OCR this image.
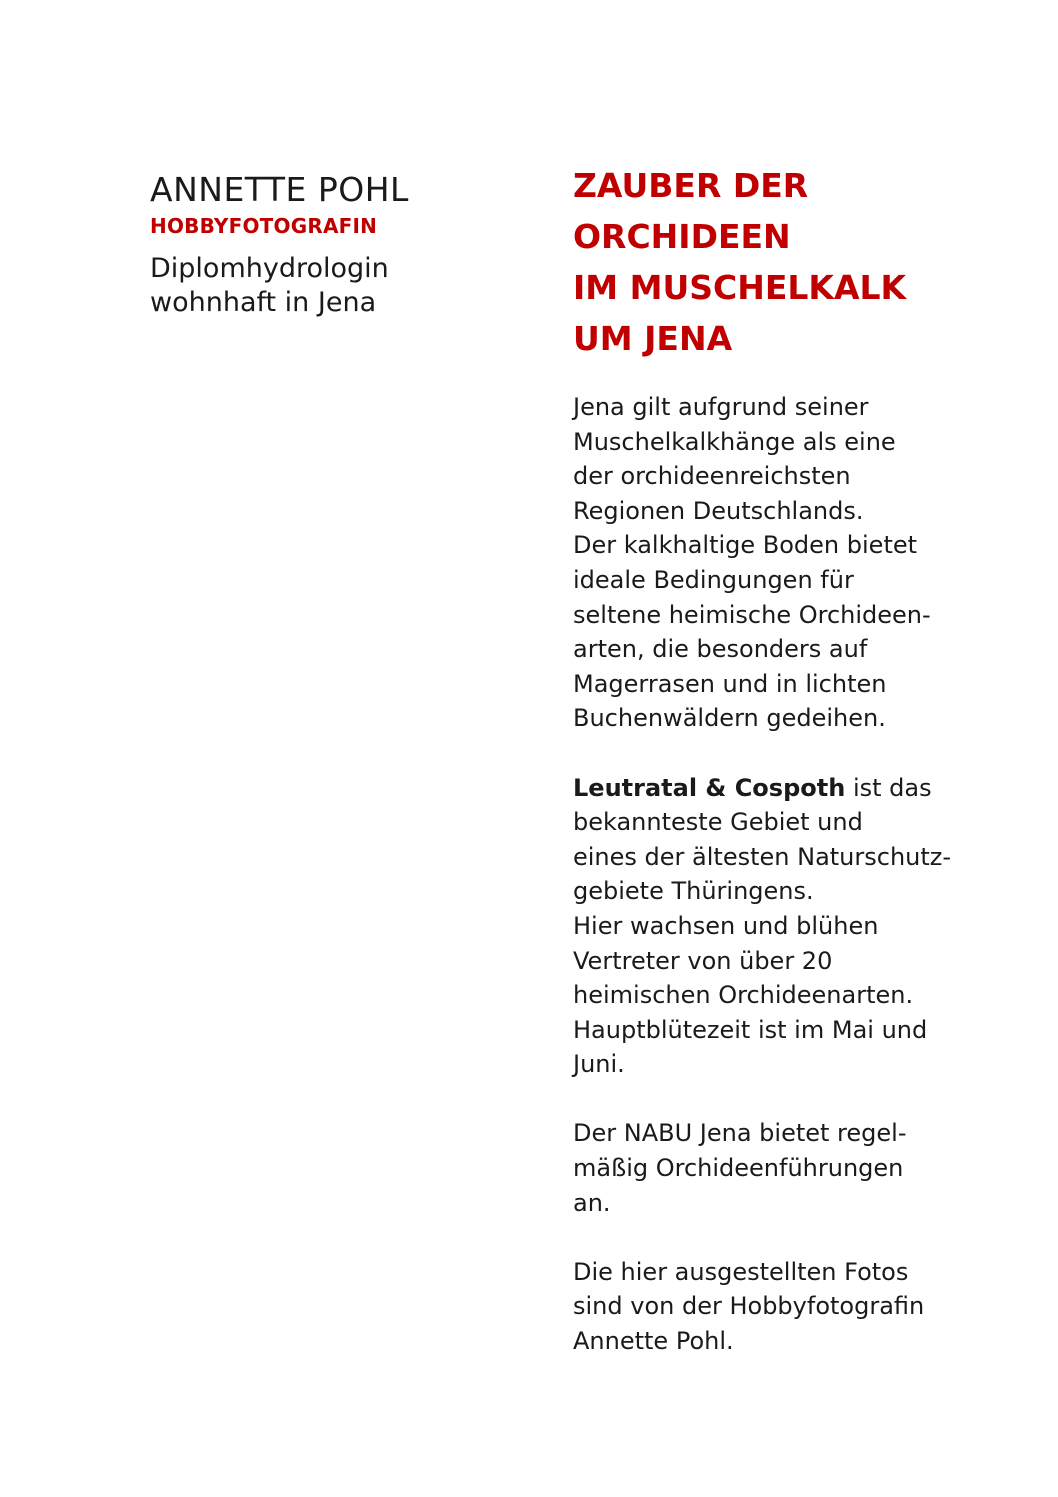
ANNETTE POHL
HOBBYFOTOGRAFIN
Diplomhydrologin
wohnhaft in Jena
ZAUBER DER
ORCHIDEEN
IM MUSCHELKALK
UM JENA
Jena gilt aufgrund seiner
Muschelkalkhänge als eine
der orchideenreichsten
Regionen Deutschlands.
Der kalkhaltige Boden bietet
ideale Bedingungen für
seltene heimische Orchideen-
arten, die besonders auf
Magerrasen und in lichten
Buchenwäldern gedeihen.
Leutratal & Cospoth ist das
bekannteste Gebiet und
eines der ältesten Naturschutz-
gebiete Thüringens.
Hier wachsen und blühen
Vertreter von über 20
heimischen Orchideenarten.
Hauptblütezeit ist im Mai und
Juni.
Der NABU Jena bietet regel-
mäßig Orchideenführungen
an.
Die hier ausgestellten Fotos
sind von der Hobbyfotografin
Annette Pohl.
